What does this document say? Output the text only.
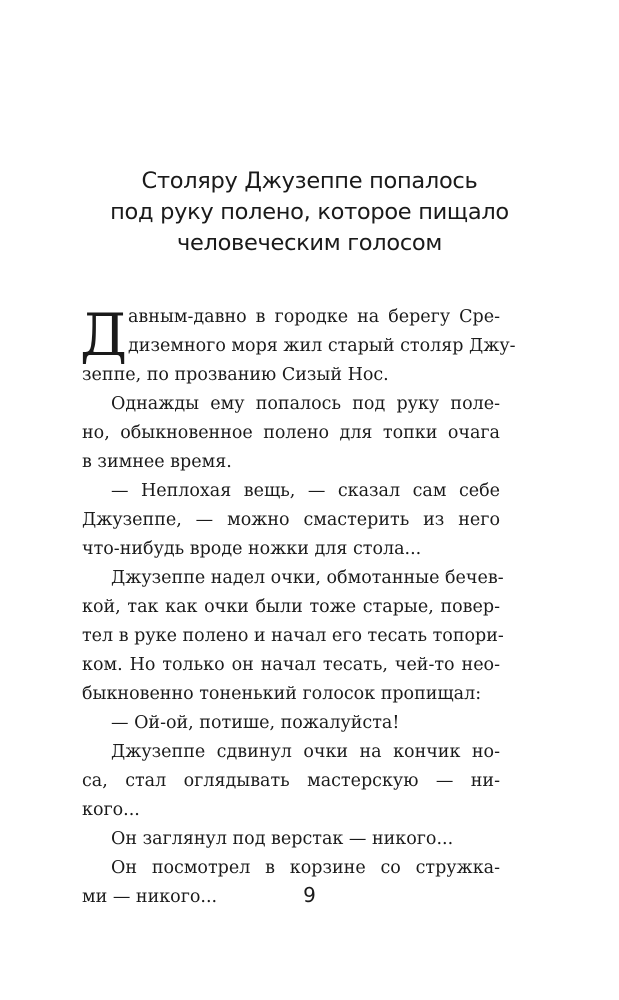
Столяру Джузеппе попалось
под руку полено, которое пищало
человеческим голосом
Д авным-давно в городке на берегу Сре-
диземного моря жил старый столяр Джу-
зеппе, по прозванию Сизый Нос.
Однажды ему попалось под руку поле-
но, обыкновенное полено для топки очага
в зимнее время.
— Неплохая вещь, — сказал сам себе
Джузеппе, — можно смастерить из него
что-нибудь вроде ножки для стола...
Джузеппе надел очки, обмотанные бечев-
кой, так как очки были тоже старые, повер-
тел в руке полено и начал его тесать топори-
ком. Но только он начал тесать, чей-то нео-
быкновенно тоненький голосок пропищал:
— Ой-ой, потише, пожалуйста!
Джузеппе сдвинул очки на кончик но-
са, стал оглядывать мастерскую — ни-
кого...
Он заглянул под верстак — никого...
Он посмотрел в корзине со стружка-
ми — никого...	9
